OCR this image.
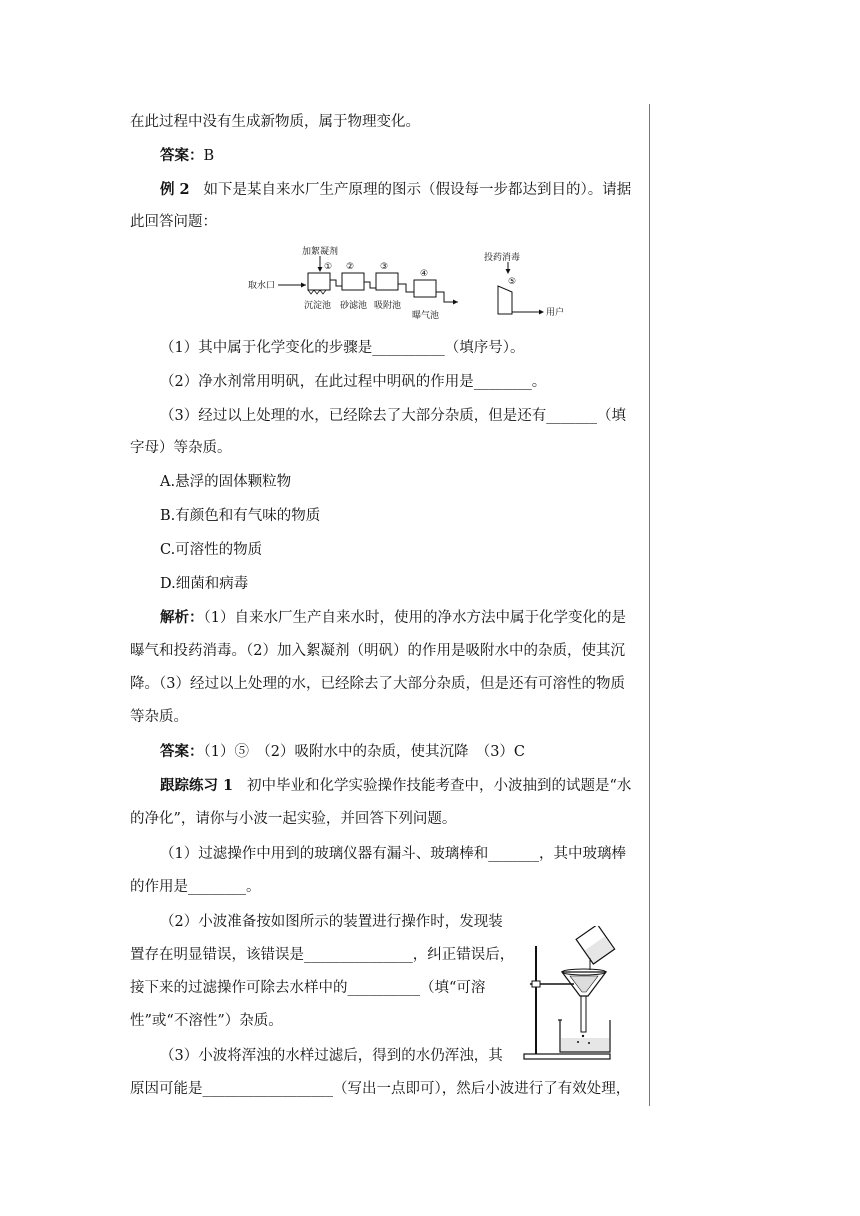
在此过程中没有生成新物质，属于物理变化。
答案：B
例 2 如下是某自来水厂生产原理的图示（假设每一步都达到目的）。请据
此回答问题：
取水口
加絮凝剂
①
沉淀池
②
砂滤池
③
吸附池
④
曝气池
投药消毒
⑤
用户
（1）其中属于化学变化的步骤是__________（填序号）。
（2）净水剂常用明矾，在此过程中明矾的作用是________。
（3）经过以上处理的水，已经除去了大部分杂质，但是还有_______（填
字母）等杂质。
A.悬浮的固体颗粒物
B.有颜色和有气味的物质
C.可溶性的物质
D.细菌和病毒
解析：（1）自来水厂生产自来水时，使用的净水方法中属于化学变化的是
曝气和投药消毒。（2）加入絮凝剂（明矾）的作用是吸附水中的杂质，使其沉
降。（3）经过以上处理的水，已经除去了大部分杂质，但是还有可溶性的物质
等杂质。
答案：（1）⑤　（2）吸附水中的杂质，使其沉降　（3）C
跟踪练习 1 初中毕业和化学实验操作技能考查中，小波抽到的试题是“水
的净化”，请你与小波一起实验，并回答下列问题。
（1）过滤操作中用到的玻璃仪器有漏斗、玻璃棒和_______，其中玻璃棒
的作用是________。
（2）小波准备按如图所示的装置进行操作时，发现装
置存在明显错误，该错误是_______________，纠正错误后，
接下来的过滤操作可除去水样中的__________（填“可溶
性”或“不溶性”）杂质。
（3）小波将浑浊的水样过滤后，得到的水仍浑浊，其
原因可能是__________________（写出一点即可），然后小波进行了有效处理，
